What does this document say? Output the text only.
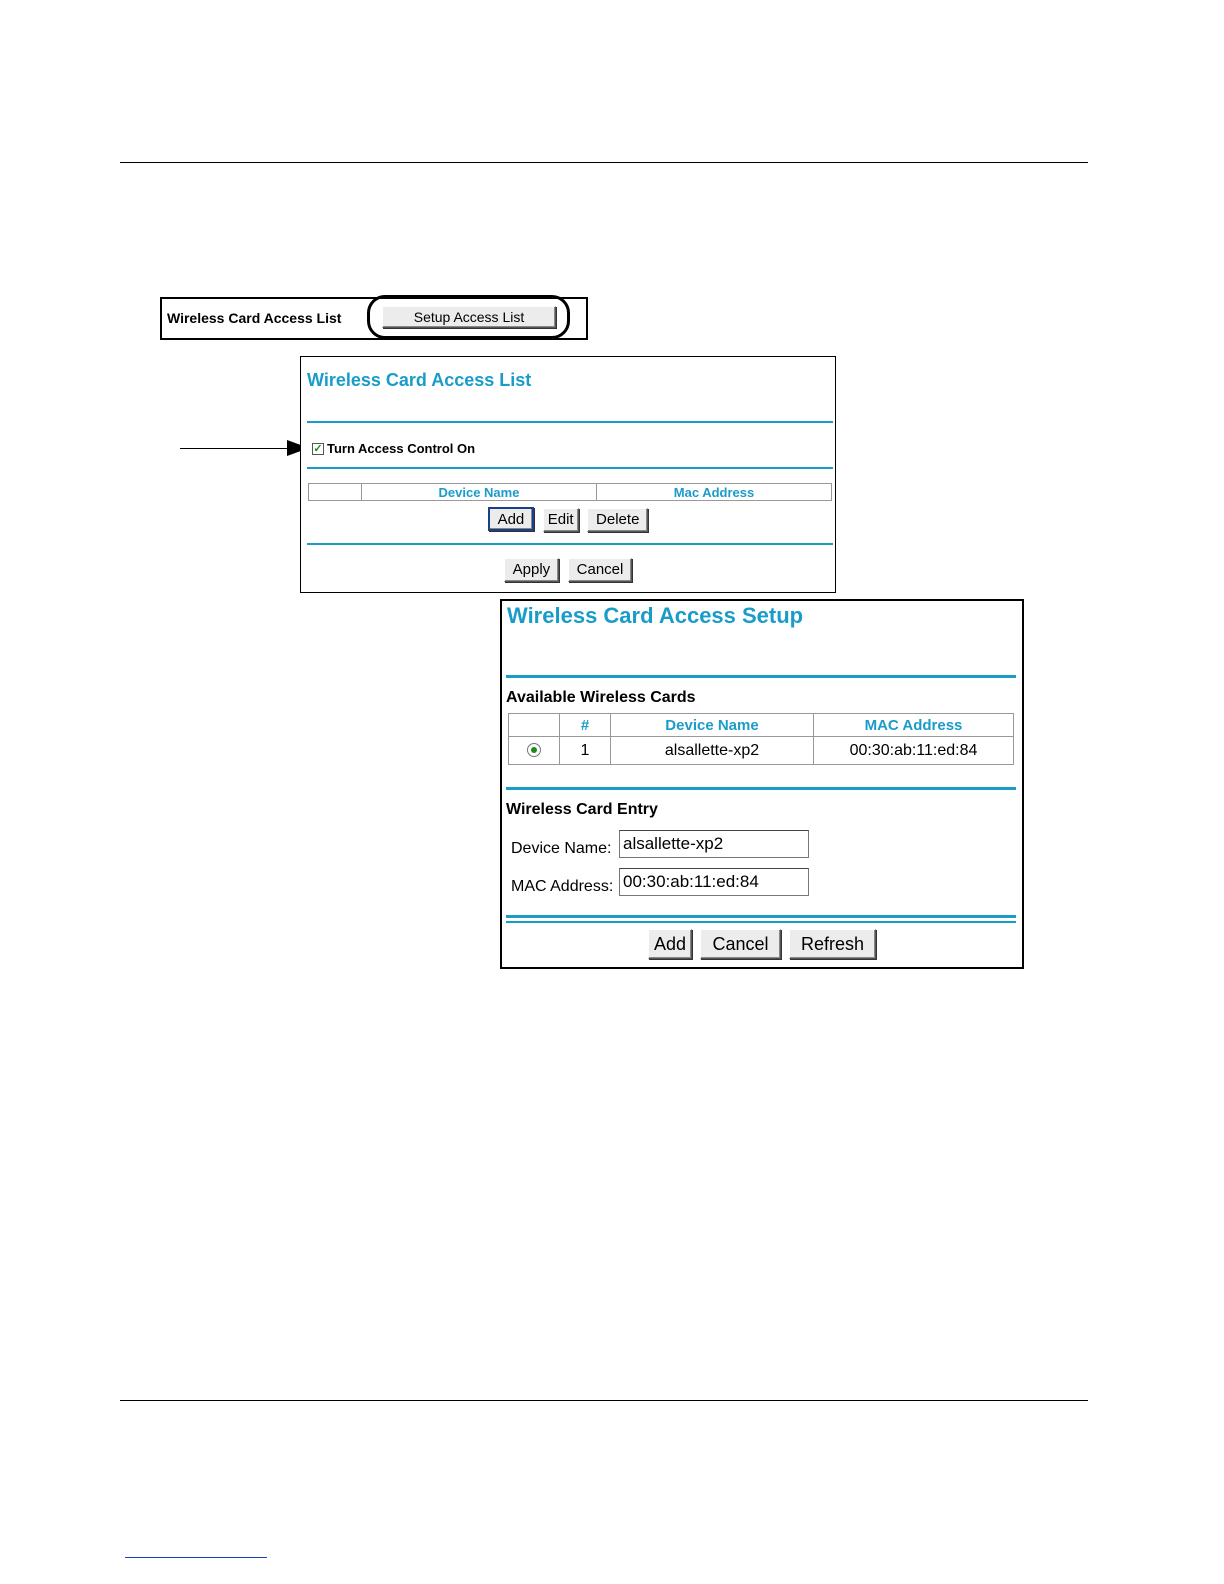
Wireless Card Access List	Setup Access List
Wireless Card Access List
✓ Turn Access Control On
	Device Name	Mac Address
Add Edit Delete
Apply Cancel
Wireless Card Access Setup
Available Wireless Cards
	#	Device Name	MAC Address
	1	alsallette-xp2	00:30:ab:11:ed:84
Wireless Card Entry
Device Name:
alsallette-xp2
MAC Address:
00:30:ab:11:ed:84
Add Cancel Refresh
